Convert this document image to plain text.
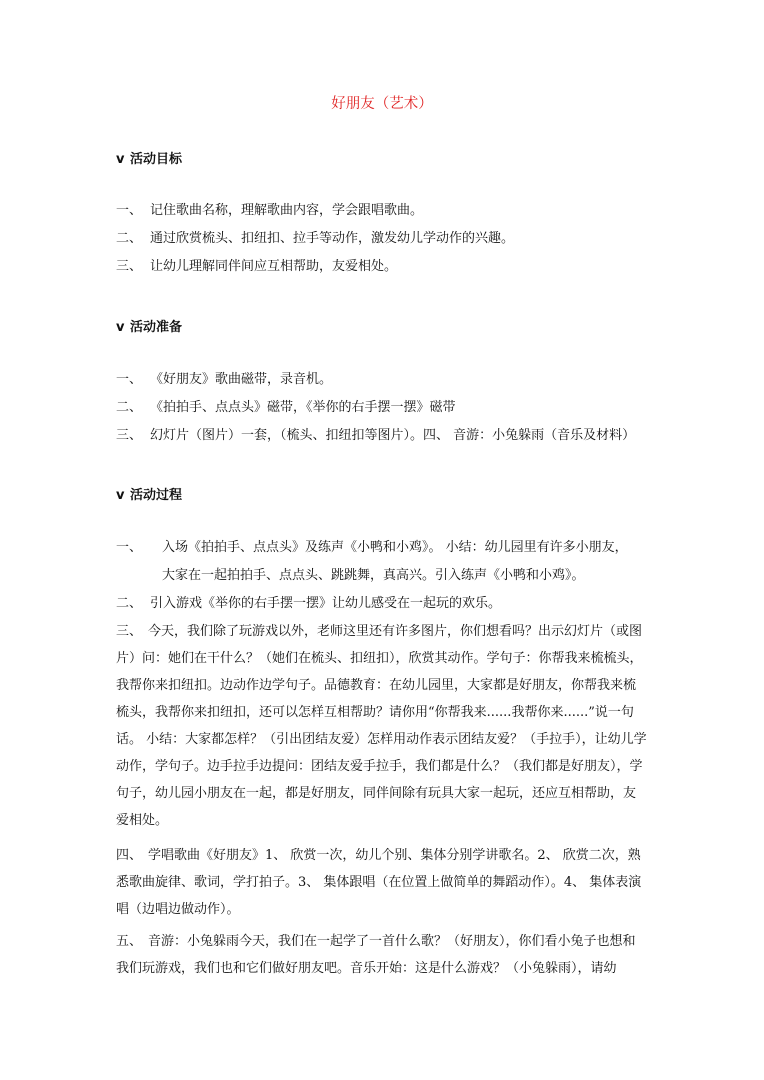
好朋友（艺术）
v 活动目标
一、 记住歌曲名称，理解歌曲内容，学会跟唱歌曲。
二、 通过欣赏梳头、扣纽扣、拉手等动作，激发幼儿学动作的兴趣。
三、 让幼儿理解同伴间应互相帮助，友爱相处。
v 活动准备
一、 《好朋友》歌曲磁带，录音机。
二、 《拍拍手、点点头》磁带，《举你的右手摆一摆》磁带
三、 幻灯片（图片）一套，（梳头、扣纽扣等图片）。四、 音游：小兔躲雨（音乐及材料）
v 活动过程
一、 入场《拍拍手、点点头》及练声《小鸭和小鸡》。 小结：幼儿园里有许多小朋友，
大家在一起拍拍手、点点头、跳跳舞，真高兴。引入练声《小鸭和小鸡》。
二、 引入游戏《举你的右手摆一摆》让幼儿感受在一起玩的欢乐。
三、 今天，我们除了玩游戏以外，老师这里还有许多图片，你们想看吗？出示幻灯片（或图片）问：她们在干什么？（她们在梳头、扣纽扣），欣赏其动作。学句子：你帮我来梳梳头，我帮你来扣纽扣。边动作边学句子。品德教育：在幼儿园里，大家都是好朋友，你帮我来梳梳头，我帮你来扣纽扣，还可以怎样互相帮助？请你用“你帮我来......我帮你来......”说一句话。 小结：大家都怎样？（引出团结友爱）怎样用动作表示团结友爱？（手拉手），让幼儿学动作，学句子。边手拉手边提问：团结友爱手拉手，我们都是什么？（我们都是好朋友），学句子，幼儿园小朋友在一起，都是好朋友，同伴间除有玩具大家一起玩，还应互相帮助，友爱相处。
四、 学唱歌曲《好朋友》1、 欣赏一次，幼儿个别、集体分别学讲歌名。2、 欣赏二次，熟悉歌曲旋律、歌词，学打拍子。3、 集体跟唱（在位置上做简单的舞蹈动作）。4、 集体表演唱（边唱边做动作）。
五、 音游：小兔躲雨今天，我们在一起学了一首什么歌？（好朋友），你们看小兔子也想和我们玩游戏，我们也和它们做好朋友吧。音乐开始：这是什么游戏？（小兔躲雨），请幼
